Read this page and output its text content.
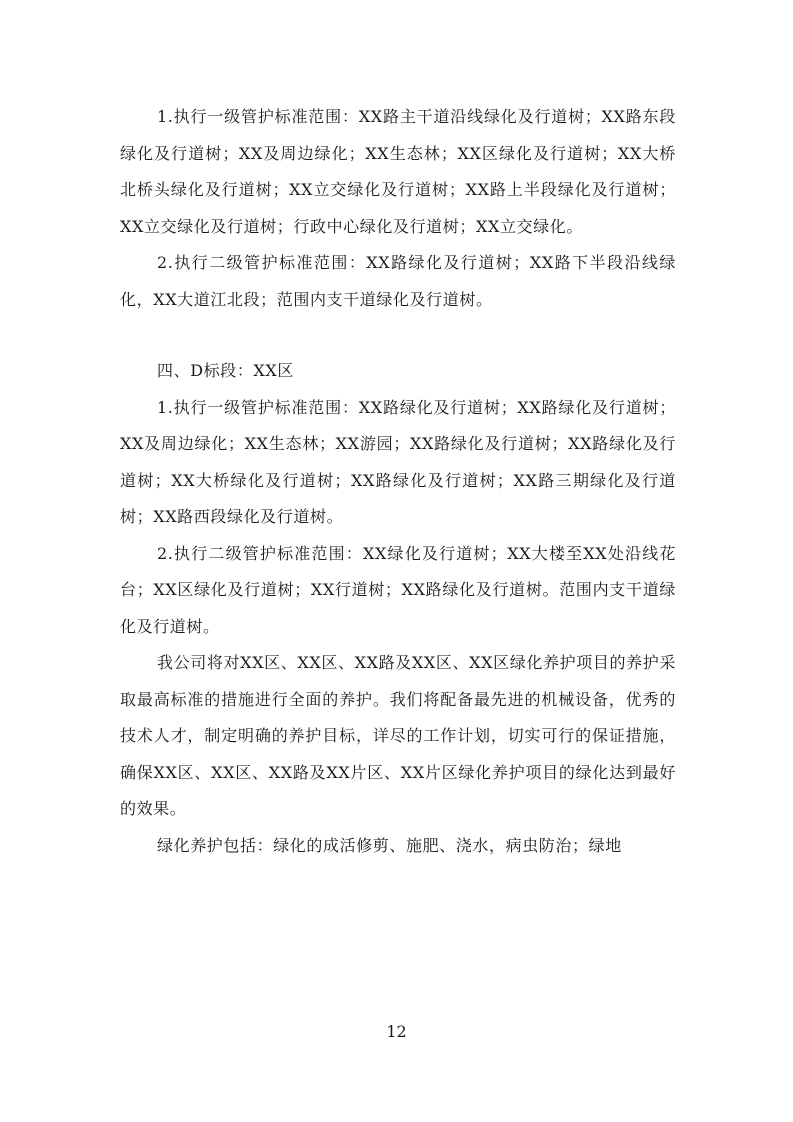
1.执行一级管护标准范围：XX路主干道沿线绿化及行道树；XX路东段绿化及行道树；XX及周边绿化；XX生态林；XX区绿化及行道树；XX大桥北桥头绿化及行道树；XX立交绿化及行道树；XX路上半段绿化及行道树；XX立交绿化及行道树；行政中心绿化及行道树；XX立交绿化。

2.执行二级管护标准范围：XX路绿化及行道树；XX路下半段沿线绿化，XX大道江北段；范围内支干道绿化及行道树。

四、D标段：XX区

1.执行一级管护标准范围：XX路绿化及行道树；XX路绿化及行道树；XX及周边绿化；XX生态林；XX游园；XX路绿化及行道树；XX路绿化及行道树；XX大桥绿化及行道树；XX路绿化及行道树；XX路三期绿化及行道树；XX路西段绿化及行道树。

2.执行二级管护标准范围：XX绿化及行道树；XX大楼至XX处沿线花台；XX区绿化及行道树；XX行道树；XX路绿化及行道树。范围内支干道绿化及行道树。

我公司将对XX区、XX区、XX路及XX区、XX区绿化养护项目的养护采取最高标准的措施进行全面的养护。我们将配备最先进的机械设备，优秀的技术人才，制定明确的养护目标，详尽的工作计划，切实可行的保证措施，确保XX区、XX区、XX路及XX片区、XX片区绿化养护项目的绿化达到最好的效果。

绿化养护包括：绿化的成活修剪、施肥、浇水，病虫防治；绿地

12
